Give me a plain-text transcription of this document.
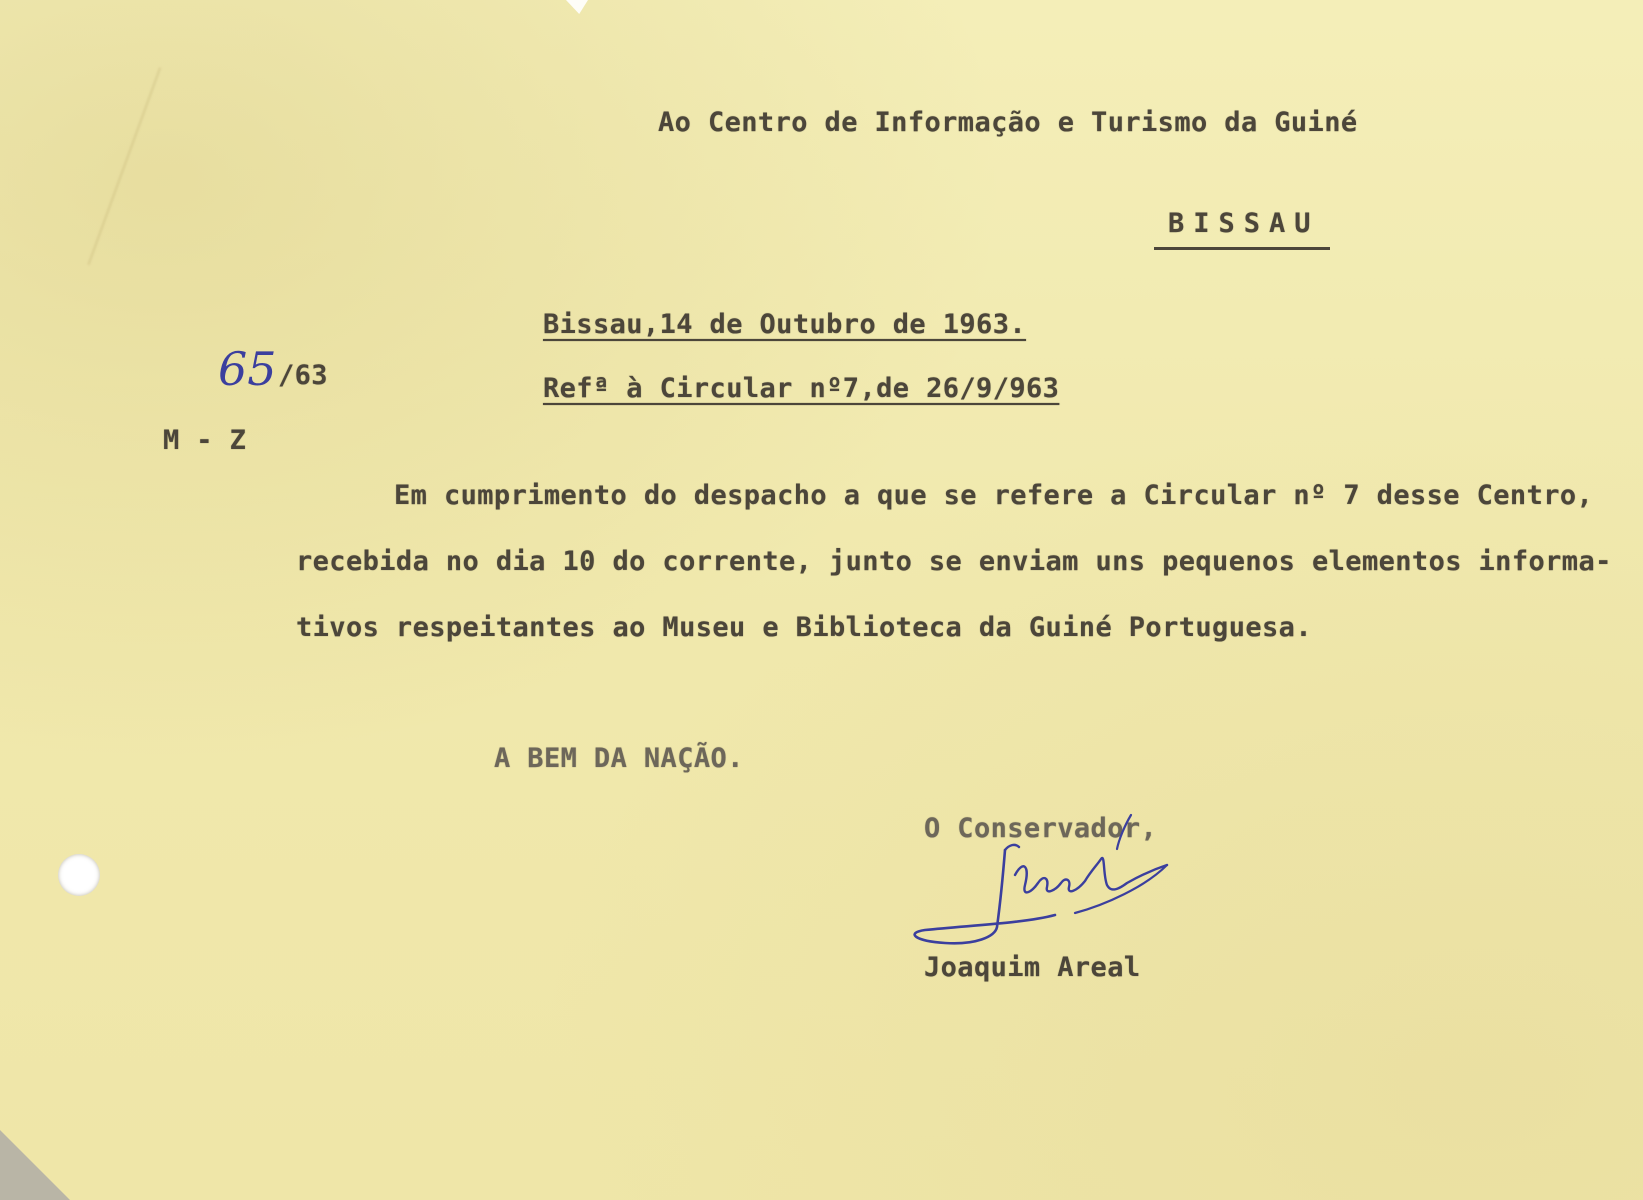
Ao Centro de Informação e Turismo da Guiné
BISSAU
Bissau,14 de Outubro de 1963.
Refª à Circular nº7,de 26/9/963
65 /63
M - Z
Em cumprimento do despacho a que se refere a Circular nº 7 desse Centro,
recebida no dia 10 do corrente, junto se enviam uns pequenos elementos informa-
tivos respeitantes ao Museu e Biblioteca da Guiné Portuguesa.
A BEM DA NAÇÃO.
O Conservador,
Joaquim Areal
